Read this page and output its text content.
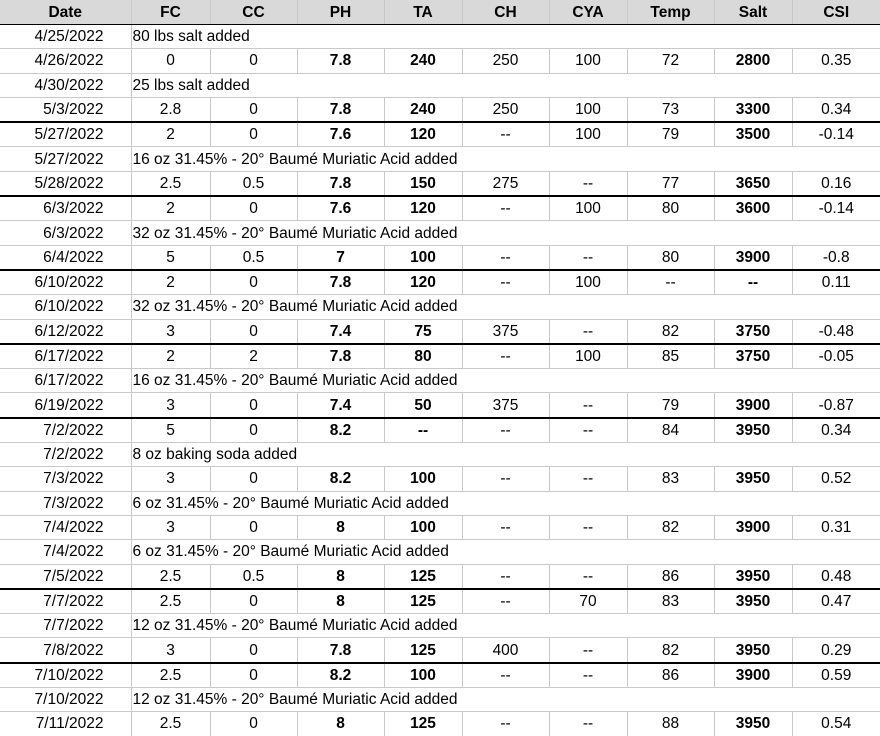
Date	FC	CC	PH	TA	CH	CYA	Temp	Salt	CSI
4/25/2022	80 lbs salt added								
4/26/2022	0	0	7.8	240	250	100	72	2800	0.35
4/30/2022	25 lbs salt added								
5/3/2022	2.8	0	7.8	240	250	100	73	3300	0.34
5/27/2022	2	0	7.6	120	--	100	79	3500	-0.14
5/27/2022	16 oz 31.45% - 20° Baumé Muriatic Acid added								
5/28/2022	2.5	0.5	7.8	150	275	--	77	3650	0.16
6/3/2022	2	0	7.6	120	--	100	80	3600	-0.14
6/3/2022	32 oz 31.45% - 20° Baumé Muriatic Acid added								
6/4/2022	5	0.5	7	100	--	--	80	3900	-0.8
6/10/2022	2	0	7.8	120	--	100	--	--	0.11
6/10/2022	32 oz 31.45% - 20° Baumé Muriatic Acid added								
6/12/2022	3	0	7.4	75	375	--	82	3750	-0.48
6/17/2022	2	2	7.8	80	--	100	85	3750	-0.05
6/17/2022	16 oz 31.45% - 20° Baumé Muriatic Acid added								
6/19/2022	3	0	7.4	50	375	--	79	3900	-0.87
7/2/2022	5	0	8.2	--	--	--	84	3950	0.34
7/2/2022	8 oz baking soda added								
7/3/2022	3	0	8.2	100	--	--	83	3950	0.52
7/3/2022	6 oz 31.45% - 20° Baumé Muriatic Acid added								
7/4/2022	3	0	8	100	--	--	82	3900	0.31
7/4/2022	6 oz 31.45% - 20° Baumé Muriatic Acid added								
7/5/2022	2.5	0.5	8	125	--	--	86	3950	0.48
7/7/2022	2.5	0	8	125	--	70	83	3950	0.47
7/7/2022	12 oz 31.45% - 20° Baumé Muriatic Acid added								
7/8/2022	3	0	7.8	125	400	--	82	3950	0.29
7/10/2022	2.5	0	8.2	100	--	--	86	3900	0.59
7/10/2022	12 oz 31.45% - 20° Baumé Muriatic Acid added								
7/11/2022	2.5	0	8	125	--	--	88	3950	0.54
